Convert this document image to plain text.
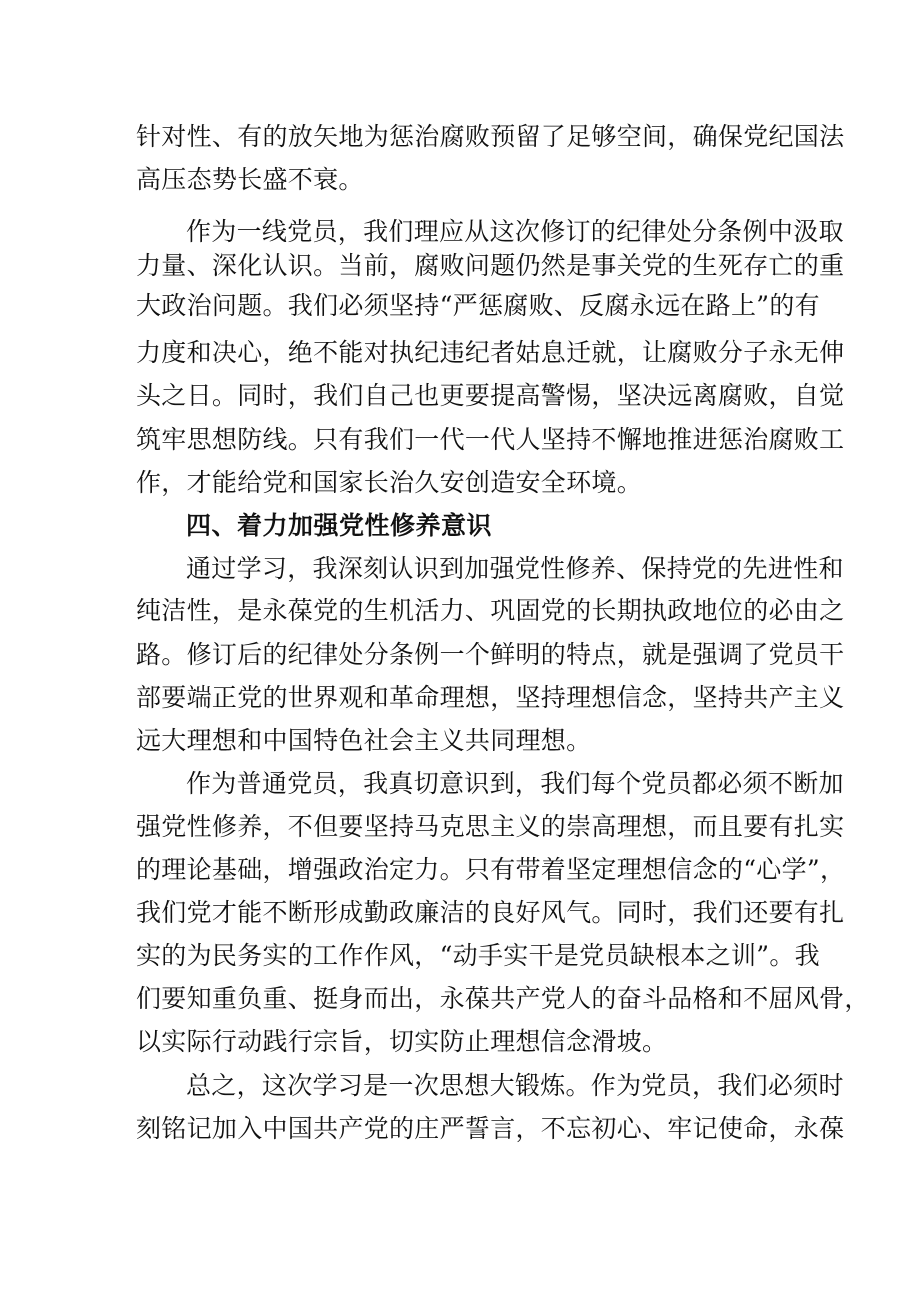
针对性、有的放矢地为惩治腐败预留了足够空间，确保党纪国法
高压态势长盛不衰。
作为一线党员，我们理应从这次修订的纪律处分条例中汲取
力量、深化认识。当前，腐败问题仍然是事关党的生死存亡的重
大政治问题。我们必须坚持“严惩腐败、反腐永远在路上”的有
力度和决心，绝不能对执纪违纪者姑息迁就，让腐败分子永无伸
头之日。同时，我们自己也更要提高警惕，坚决远离腐败，自觉
筑牢思想防线。只有我们一代一代人坚持不懈地推进惩治腐败工
作，才能给党和国家长治久安创造安全环境。
四、着力加强党性修养意识
通过学习，我深刻认识到加强党性修养、保持党的先进性和
纯洁性，是永葆党的生机活力、巩固党的长期执政地位的必由之
路。修订后的纪律处分条例一个鲜明的特点，就是强调了党员干
部要端正党的世界观和革命理想，坚持理想信念，坚持共产主义
远大理想和中国特色社会主义共同理想。
作为普通党员，我真切意识到，我们每个党员都必须不断加
强党性修养，不但要坚持马克思主义的崇高理想，而且要有扎实
的理论基础，增强政治定力。只有带着坚定理想信念的“心学”，
我们党才能不断形成勤政廉洁的良好风气。同时，我们还要有扎
实的为民务实的工作作风，“动手实干是党员缺根本之训”。我
们要知重负重、挺身而出，永葆共产党人的奋斗品格和不屈风骨，
以实际行动践行宗旨，切实防止理想信念滑坡。
总之，这次学习是一次思想大锻炼。作为党员，我们必须时
刻铭记加入中国共产党的庄严誓言，不忘初心、牢记使命，永葆
